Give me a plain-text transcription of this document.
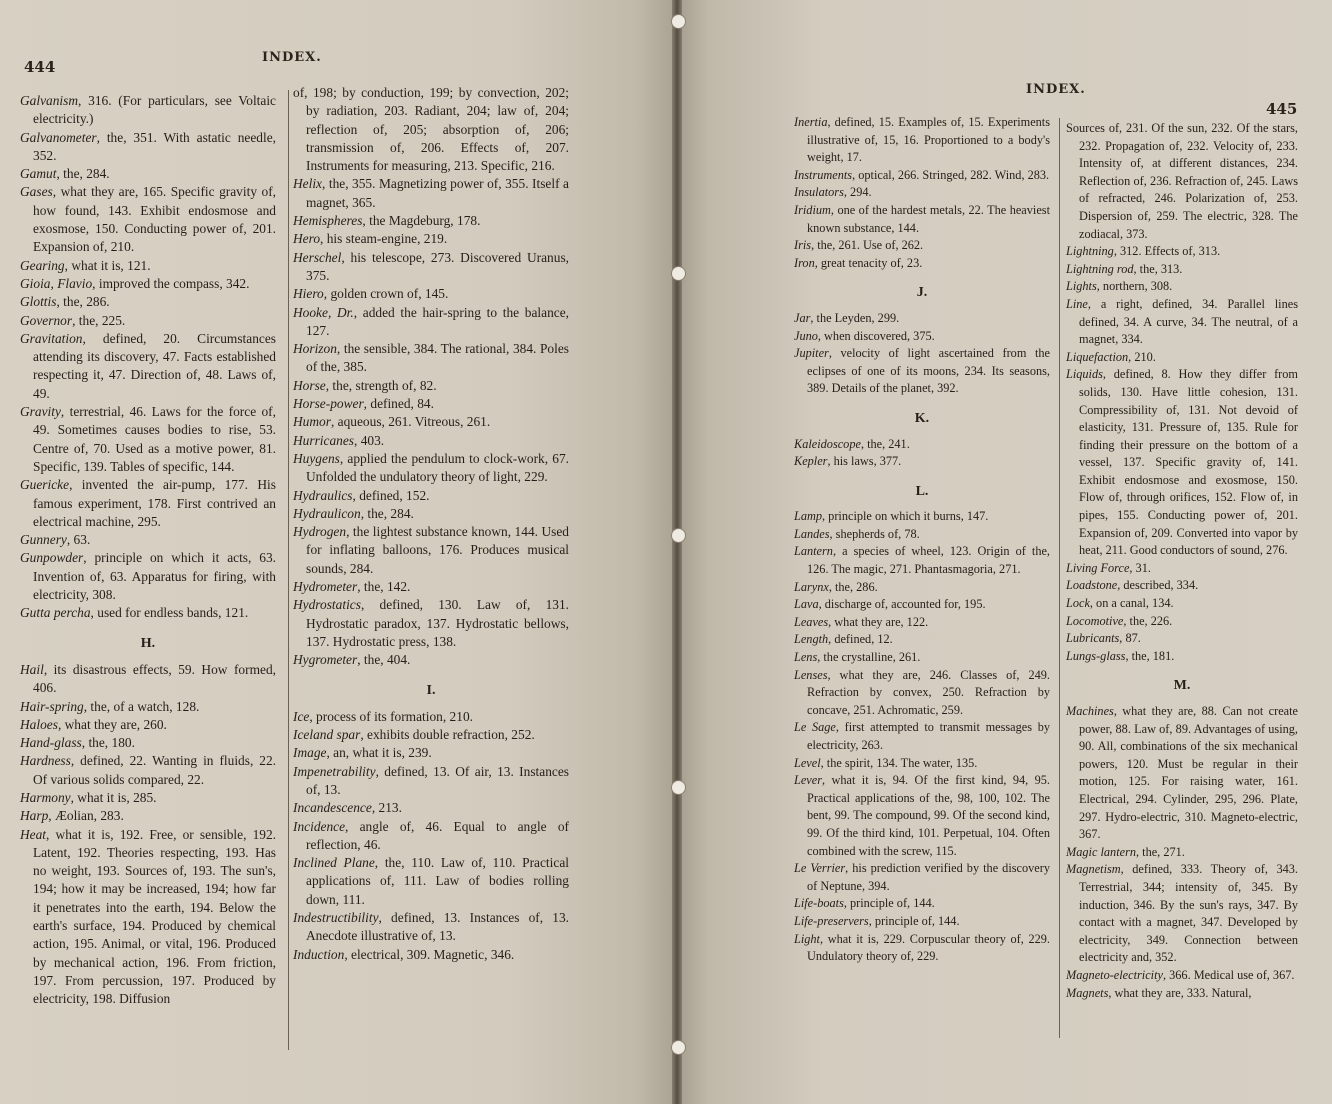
444
INDEX.

Galvanism, 316. (For particulars, see Voltaic electricity.)

Galvanometer, the, 351. With astatic needle, 352.

Gamut, the, 284.

Gases, what they are, 165. Specific gravity of, how found, 143. Exhibit endosmose and exosmose, 150. Conducting power of, 201. Expansion of, 210.

Gearing, what it is, 121.

Gioia, Flavio, improved the compass, 342.

Glottis, the, 286.

Governor, the, 225.

Gravitation, defined, 20. Circumstances attending its discovery, 47. Facts established respecting it, 47. Direction of, 48. Laws of, 49.

Gravity, terrestrial, 46. Laws for the force of, 49. Sometimes causes bodies to rise, 53. Centre of, 70. Used as a motive power, 81. Specific, 139. Tables of specific, 144.

Guericke, invented the air-pump, 177. His famous experiment, 178. First contrived an electrical machine, 295.

Gunnery, 63.

Gunpowder, principle on which it acts, 63. Invention of, 63. Apparatus for firing, with electricity, 308.

Gutta percha, used for endless bands, 121.

H.

Hail, its disastrous effects, 59. How formed, 406.

Hair-spring, the, of a watch, 128.

Haloes, what they are, 260.

Hand-glass, the, 180.

Hardness, defined, 22. Wanting in fluids, 22. Of various solids compared, 22.

Harmony, what it is, 285.

Harp, Æolian, 283.

Heat, what it is, 192. Free, or sensible, 192. Latent, 192. Theories respecting, 193. Has no weight, 193. Sources of, 193. The sun's, 194; how it may be increased, 194; how far it penetrates into the earth, 194. Below the earth's surface, 194. Produced by chemical action, 195. Animal, or vital, 196. Produced by mechanical action, 196. From friction, 197. From percussion, 197. Produced by electricity, 198. Diffusion

of, 198; by conduction, 199; by convection, 202; by radiation, 203. Radiant, 204; law of, 204; reflection of, 205; absorption of, 206; transmission of, 206. Effects of, 207. Instruments for measuring, 213. Specific, 216.

Helix, the, 355. Magnetizing power of, 355. Itself a magnet, 365.

Hemispheres, the Magdeburg, 178.

Hero, his steam-engine, 219.

Herschel, his telescope, 273. Discovered Uranus, 375.

Hiero, golden crown of, 145.

Hooke, Dr., added the hair-spring to the balance, 127.

Horizon, the sensible, 384. The rational, 384. Poles of the, 385.

Horse, the, strength of, 82.

Horse-power, defined, 84.

Humor, aqueous, 261. Vitreous, 261.

Hurricanes, 403.

Huygens, applied the pendulum to clock-work, 67. Unfolded the undulatory theory of light, 229.

Hydraulics, defined, 152.

Hydraulicon, the, 284.

Hydrogen, the lightest substance known, 144. Used for inflating balloons, 176. Produces musical sounds, 284.

Hydrometer, the, 142.

Hydrostatics, defined, 130. Law of, 131. Hydrostatic paradox, 137. Hydrostatic bellows, 137. Hydrostatic press, 138.

Hygrometer, the, 404.

I.

Ice, process of its formation, 210.

Iceland spar, exhibits double refraction, 252.

Image, an, what it is, 239.

Impenetrability, defined, 13. Of air, 13. Instances of, 13.

Incandescence, 213.

Incidence, angle of, 46. Equal to angle of reflection, 46.

Inclined Plane, the, 110. Law of, 110. Practical applications of, 111. Law of bodies rolling down, 111.

Indestructibility, defined, 13. Instances of, 13. Anecdote illustrative of, 13.

Induction, electrical, 309. Magnetic, 346.

INDEX.
445

Inertia, defined, 15. Examples of, 15. Experiments illustrative of, 15, 16. Proportioned to a body's weight, 17.

Instruments, optical, 266. Stringed, 282. Wind, 283.

Insulators, 294.

Iridium, one of the hardest metals, 22. The heaviest known substance, 144.

Iris, the, 261. Use of, 262.

Iron, great tenacity of, 23.

J.

Jar, the Leyden, 299.

Juno, when discovered, 375.

Jupiter, velocity of light ascertained from the eclipses of one of its moons, 234. Its seasons, 389. Details of the planet, 392.

K.

Kaleidoscope, the, 241.

Kepler, his laws, 377.

L.

Lamp, principle on which it burns, 147.

Landes, shepherds of, 78.

Lantern, a species of wheel, 123. Origin of the, 126. The magic, 271. Phantasmagoria, 271.

Larynx, the, 286.

Lava, discharge of, accounted for, 195.

Leaves, what they are, 122.

Length, defined, 12.

Lens, the crystalline, 261.

Lenses, what they are, 246. Classes of, 249. Refraction by convex, 250. Refraction by concave, 251. Achromatic, 259.

Le Sage, first attempted to transmit messages by electricity, 263.

Level, the spirit, 134. The water, 135.

Lever, what it is, 94. Of the first kind, 94, 95. Practical applications of the, 98, 100, 102. The bent, 99. The compound, 99. Of the second kind, 99. Of the third kind, 101. Perpetual, 104. Often combined with the screw, 115.

Le Verrier, his prediction verified by the discovery of Neptune, 394.

Life-boats, principle of, 144.

Life-preservers, principle of, 144.

Light, what it is, 229. Corpuscular theory of, 229. Undulatory theory of, 229.

Sources of, 231. Of the sun, 232. Of the stars, 232. Propagation of, 232. Velocity of, 233. Intensity of, at different distances, 234. Reflection of, 236. Refraction of, 245. Laws of refracted, 246. Polarization of, 253. Dispersion of, 259. The electric, 328. The zodiacal, 373.

Lightning, 312. Effects of, 313.

Lightning rod, the, 313.

Lights, northern, 308.

Line, a right, defined, 34. Parallel lines defined, 34. A curve, 34. The neutral, of a magnet, 334.

Liquefaction, 210.

Liquids, defined, 8. How they differ from solids, 130. Have little cohesion, 131. Compressibility of, 131. Not devoid of elasticity, 131. Pressure of, 135. Rule for finding their pressure on the bottom of a vessel, 137. Specific gravity of, 141. Exhibit endosmose and exosmose, 150. Flow of, through orifices, 152. Flow of, in pipes, 155. Conducting power of, 201. Expansion of, 209. Converted into vapor by heat, 211. Good conductors of sound, 276.

Living Force, 31.

Loadstone, described, 334.

Lock, on a canal, 134.

Locomotive, the, 226.

Lubricants, 87.

Lungs-glass, the, 181.

M.

Machines, what they are, 88. Can not create power, 88. Law of, 89. Advantages of using, 90. All, combinations of the six mechanical powers, 120. Must be regular in their motion, 125. For raising water, 161. Electrical, 294. Cylinder, 295, 296. Plate, 297. Hydro-electric, 310. Magneto-electric, 367.

Magic lantern, the, 271.

Magnetism, defined, 333. Theory of, 343. Terrestrial, 344; intensity of, 345. By induction, 346. By the sun's rays, 347. By contact with a magnet, 347. Developed by electricity, 349. Connection between electricity and, 352.

Magneto-electricity, 366. Medical use of, 367.

Magnets, what they are, 333. Natural,
